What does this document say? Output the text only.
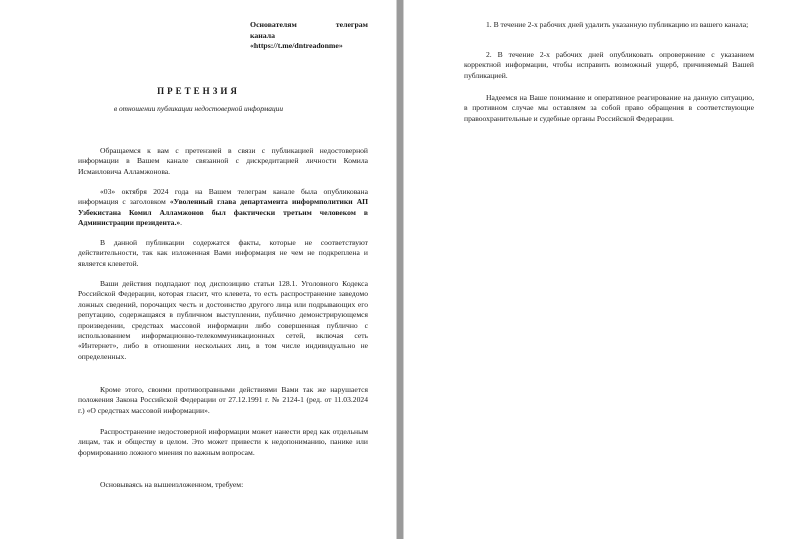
Основателям	телеграм
канала
«https://t.me/dntreadonme»
ПРЕТЕНЗИЯ
в отношении публикации недостоверной информации

Обращаемся к вам с претензией в связи с публикацией недостоверной информации в Вашем канале связанной с дискредитацией личности Комила Исмаиловича Алламжонова.

«03» октября 2024 года на Вашем телеграм канале была опубликована информация с заголовком «Уволенный глава департамента информполитики АП Узбекистана Комил Алламжонов был фактически третьим человеком в Администрации президента.».

В данной публикации содержатся факты, которые не соответствуют действительности, так как изложенная Вами информация не чем не подкреплена и является клеветой.

Ваши действия подпадают под диспозицию статьи 128.1. Уголовного Кодекса Российской Федерации, которая гласит, что клевета, то есть распространение заведомо ложных сведений, порочащих честь и достоинство другого лица или подрывающих его репутацию, содержащаяся в публичном выступлении, публично демонстрирующемся произведении, средствах массовой информации либо совершенная публично с использованием информационно-телекоммуникационных сетей, включая сеть «Интернет», либо в отношении нескольких лиц, в том числе индивидуально не определенных.

Кроме этого, своими противоправными действиями Вами так же нарушается положения Закона Российской Федерации от 27.12.1991 г. № 2124-1 (ред. от 11.03.2024 г.) «О средствах массовой информации».

Распространение недостоверной информации может нанести вред как отдельным лицам, так и обществу в целом. Это может привести к недопониманию, панике или формированию ложного мнения по важным вопросам.

Основываясь на вышеизложенном, требуем:

1. В течение 2-х рабочих дней удалить указанную публикацию из вашего канала;

2. В течение 2-х рабочих дней опубликовать опровержение с указанием корректной информации, чтобы исправить возможный ущерб, причиняемый Вашей публикацией.

Надеемся на Ваше понимание и оперативное реагирование на данную ситуацию, в противном случае мы оставляем за собой право обращения в соответствующие правоохранительные и судебные органы Российской Федерации.
